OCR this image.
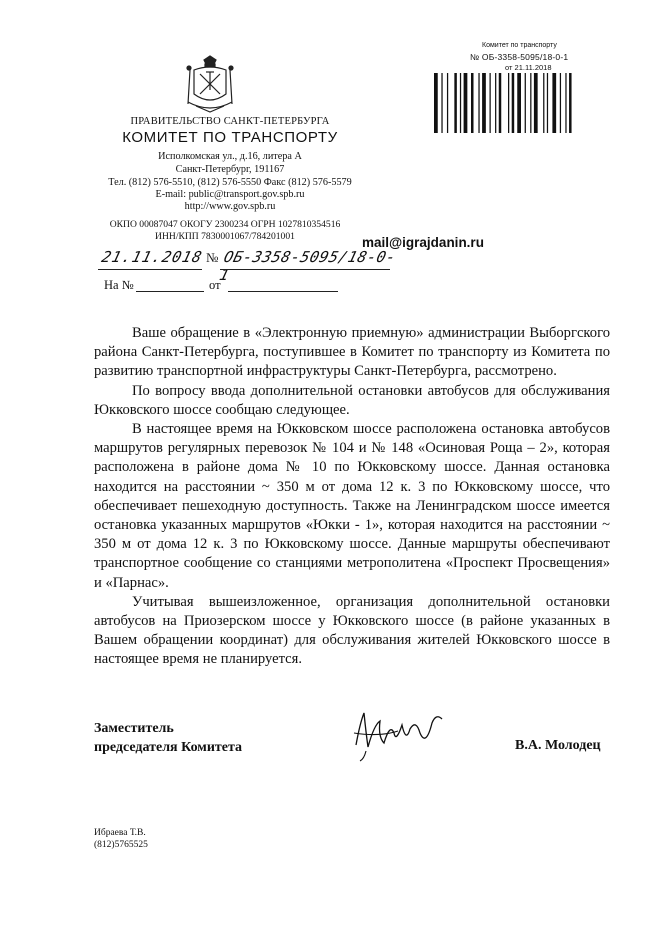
ПРАВИТЕЛЬСТВО САНКТ-ПЕТЕРБУРГА
КОМИТЕТ ПО ТРАНСПОРТУ
Исполкомская ул., д.16, литера А
Санкт-Петербург, 191167
Тел. (812) 576-5510, (812) 576-5550 Факс (812) 576-5579
E-mail: public@transport.gov.spb.ru
http://www.gov.spb.ru
ОКПО 00087047 ОКОГУ 2300234 ОГРН 1027810354516
ИНН/КПП 7830001067/784201001	mail@igrajdanin.ru
21.11.2018 № ОБ-3358-5095/18-0-1
На №	от
Комитет по транспорту
№ ОБ-3358-5095/18-0-1
от 21.11.2018

Ваше обращение в «Электронную приемную» администрации Выборгского района Санкт-Петербурга, поступившее в Комитет по транспорту из Комитета по развитию транспортной инфраструктуры Санкт-Петербурга, рассмотрено.

По вопросу ввода дополнительной остановки автобусов для обслуживания Юкковского шоссе сообщаю следующее.

В настоящее время на Юкковском шоссе расположена остановка автобусов маршрутов регулярных перевозок № 104 и № 148 «Осиновая Роща – 2», которая расположена в районе дома № 10 по Юкковскому шоссе. Данная остановка находится на расстоянии ~ 350 м от дома 12 к. 3 по Юкковскому шоссе, что обеспечивает пешеходную доступность. Также на Ленинградском шоссе имеется остановка указанных маршрутов «Юкки - 1», которая находится на расстоянии ~ 350 м от дома 12 к. 3 по Юкковскому шоссе. Данные маршруты обеспечивают транспортное сообщение со станциями метрополитена «Проспект Просвещения» и «Парнас».

Учитывая вышеизложенное, организация дополнительной остановки автобусов на Приозерском шоссе у Юкковского шоссе (в районе указанных в Вашем обращении координат) для обслуживания жителей Юкковского шоссе в настоящее время не планируется.

Заместитель
председателя Комитета	В.А. Молодец
Ибраева Т.В.
(812)5765525
